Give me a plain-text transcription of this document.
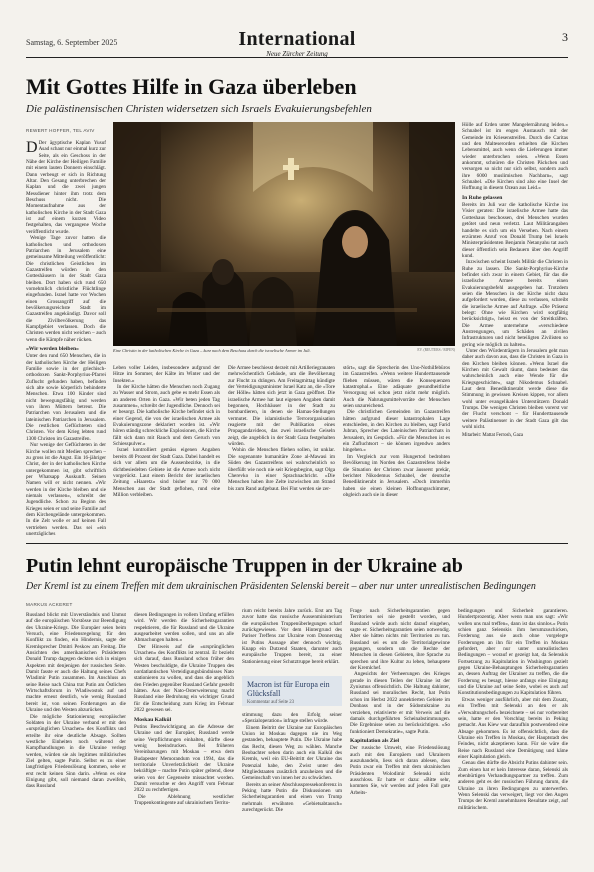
Samstag, 6. September 2025	International
Neue Zürcher Zeitung
3
Mit Gottes Hilfe in Gaza überleben
Die palästinensischen Christen widersetzen sich Israels Evakuierungsbefehlen
REWERT HOFFER, TEL AVIV

D Der ägyptische Kaplan Yusuf Asad schaut nur einmal kurz zur Seite, als ein Geschoss in der Nähe der Kirche der Heiligen Familie mit einem lauten Donnern einschlägt. Dann verbeugt er sich in Richtung Altar. Den Gesang unterbrechen der Kaplan und die zwei jungen Messdiener hinter ihm trotz dem Beschuss nicht. Die Momentaufnahme aus der katholischen Kirche in der Stadt Gaza ist auf einem kurzen Video festgehalten, das vergangene Woche veröffentlicht wurde.

Wenige Tage zuvor hatten die katholischen und orthodoxen Patriarchen in Jerusalem eine gemeinsame Mitteilung veröffentlicht: Die christlichen Geistlichen im Gazastreifen würden in den Gotteshäusern in der Stadt Gaza bleiben. Dort haben sich rund 650 vornehmlich christliche Flüchtlinge eingefunden. Israel hatte vor Wochen einen Grossangriff auf die bevölkerungsreichste Stadt im Gazastreifen angekündigt. Davor soll die Zivilbevölkerung das Kampfgebiet verlassen. Doch die Christen werden nicht weichen – auch wenn die Kämpfe näher rücken.

«Wir werden bleiben»

Unter den rund 650 Menschen, die in der katholischen Kirche der Heiligen Familie sowie in der griechisch-orthodoxen Sankt-Porphyrius-Pfarrei Zuflucht gefunden haben, befinden sich alte sowie körperlich behinderte Menschen. Etwa 100 Kinder sind nicht bewegungsfähig und werden von ihren Müttern betreut. Die Patriarchen von Jerusalem und die lateinischen Patriarchen in Jerusalem. Die restlichen Geflüchteten sind Christen. Vor dem Krieg lebten rund 1300 Christen im Gazastreifen.

Nur wenige der Geflüchteten in der Kirche wollen mit Medien sprechen – zu gross ist die Angst. Ein 16-jähriger Christ, der in der katholischen Kirche untergekommen ist, gibt schriftlich per Whatsapp Auskunft. Seinen Namen will er nicht nennen. «Wir werden in der Kirche bleiben und sie niemals verlassen», schreibt der Jugendliche. Schon zu Beginn des Krieges seien er und seine Familie auf dem Kirchengelände untergekommen. In die Zelt wolle er auf keinen Fall vertrieben werden. Das sei «ein unerträgliches

Eine Christin in der katholischen Kirche in Gaza – kurz nach dem Beschuss durch die israelische Armee im Juli.	EV. (REUTERS / RIPEN)

Leben voller Leiden, insbesondere aufgrund der Hitze im Sommer, der Kälte im Winter und der Insekten.»

In der Kirche hätten die Menschen noch Zugang zu Wasser und Strom, auch gebe es mehr Essen als an anderen Orten in Gaza. «Wir beten jeden Tag zusammen», schreibt der Jugendliche. Dennoch sei er besorgt. Die katholische Kirche befindet sich in einer Gegend, die von der israelischen Armee als Evakuierungszone deklariert worden ist. «Wir hören ständig schreckliche Explosionen, die Kirche fällt sich dann mit Rauch und dem Geruch von Schiesspulver.»

Israel kontrolliert gemäss eigenen Angaben bereits 40 Prozent der Stadt Gaza. Dabei handelt es sich vor allem um die Aussenbezirke, in die dichtbesiedelten Gebiete ist die Armee noch nicht vorgerückt. Laut einem Bericht der israelischen Zeitung «Haaretz» sind bisher nur 70 000 Menschen aus der Stadt geflohen, rund eine Million verbleiben.

Die Armee beschiesst derzeit mit Artilleriegranaten mehrwöchentlich Gebäude, um die Bevölkerung zur Flucht zu drängen. Am Freitagmittag kündigte der Verteidigungsminister Israel Katz an, die «Tore der Hölle» hätten sich jetzt in Gaza geöffnet. Die israelische Armee hat laut eigenen Angaben damit begonnen, Hochhäuser in der Stadt zu bombardieren, in denen sie Hamas-Stellungen vermutet. Die islamistische Terrororganisation reagierte mit der Publikation eines Propagandavideos, das zwei israelische Geiseln zeigt, die angeblich in der Stadt Gaza festgehalten würden.

Wohin die Menschen fliehen sollen, ist unklar. Die sogenannte humanitäre Zone al-Mawasi im Süden des Gazastreifens sei wahrscheinlich so überfüllt wie noch nie seit Kriegsbeginn, sagt Olga Cherevko in einer Sprachnachricht. «Die Menschen haben ihre Zelte inzwischen am Strand bis zum Rand aufgebaut. Bei Flut werden sie zer-

stört», sagt die Sprecherin des Uno-Nothilfebüros im Gazastreifen. «Wenn weitere Hunderttausende fliehen müssen, wären die Konsequenzen katastrophal.» Eine adäquate gesundheitliche Versorgung sei schon jetzt nicht mehr möglich. Auch die Nahrungsmittelvorräte der Menschen seien unzureichend.

Die christlichen Gemeinden im Gazastreifen hätten aufgrund dieser katastrophalen Lage entschieden, in den Kirchen zu bleiben, sagt Farid Jubran, Sprecher des Lateinischen Patriarchats in Jerusalem, im Gespräch. «Für die Menschen ist es ein Zufluchtsort – sie können irgendwo anders hingehen.»

Im Vergleich zur vom Hungertod bedrohten Bevölkerung im Norden des Gazastreifens bleibe die Situation der Christen zwar äusserst prekär, berichtet Nikodemus Schnabel, der deutsche Benediktinerabt in Jerusalem. «Doch immerhin haben sie einen kleinen Hoffnungsschimmer, obgleich auch sie in dieser

Hölle auf Erden unter Mangelernährung leiden.» Schnabel ist im engen Austausch mit der Gemeinde im Kriesenstreifen. Durch die Caritas und den Malteserorden erhielten die Kirchen Lebensmittel, auch wenn die Lieferungen immer wieder unterbrochen seien. «Wenn Essen ankommt, schnüren die Christen Päckchen und versorgen so nicht nur sich selbst, sondern auch ihre 6000 muslimischen Nachbarn», sagt Schnabel. «Die Kirchen sind also eine Insel der Hoffnung in diesem Ozean aus Leid.»

In Ruhe gelassen

Bereits im Juli war die katholische Kirche ins Visier geraten: Die israelische Armee hatte das Gotteshaus beschossen, drei Menschen wurden getötet und neun verletzt. Laut Militärangaben handelte es sich um ein Versehen. Nach einem erzürnten Anruf von Donald Trump bei Israels Ministerpräsidenten Benjamin Netanyahu tat auch dieser öffentlich sein Bedauern über den Angriff kund.

Inzwischen scheint Israels Militär die Christen in Ruhe zu lassen. Die Sankt-Porphyrius-Kirche befindet sich zwar in einem Gebiet, für das die israelische Armee bereits einen Evakuierungsbefehl ausgegeben hat. Trotzdem seien die Menschen in der Kirche nicht dazu aufgefordert worden, diese zu verlassen, schreibt die israelische Armee auf Anfrage. «Die Präsenz belegt: Ohne wie Kirchen wird sorgfältig berücksichtigt», heisst es von der Streitkräften. Die Armee unternehme «verschiedene Anstrengungen, um Schäden an zivilen Infrastrukturen und nicht beteiligten Zivilisten so gering wie möglich zu halten».

Unter den Würdenträgern in Jerusalem geht man daher auch davon aus, dass die Christen in Gaza in den Kirchen bleiben können. «Wenn Israel die Kirchen mit Gewalt räumt, dann bedeutet das wahrscheinlich auch eine Wende für die Kriegsgeschichte», sagt Nikodemus Schnabel. Laut dem Benediktinerabt werde diese die Stimmung in gewissen Kreisen kippen, vor allem wohl unter evangelikalen Unterstützern Donald Trumps. Die wenigen Christen bleiben vorerst vor der Flucht verschont – für Hunderttausende weitere Palästinenser in der Stadt Gaza gilt das wohl nicht.

Mitarbeit: Mattat Ferrosh, Gaza
Putin lehnt europäische Truppen in der Ukraine ab
Der Kreml ist zu einem Treffen mit dem ukrainischen Präsidenten Selenski bereit – aber nur unter unrealistischen Bedingungen
MARKUS ACKERET

Russland blickt mit Unverständnis und Unmut auf die europäischen Vorstösse zur Beendigung des Ukraine-Kriegs. Die Europäer seien beim Versuch, eine Friedensregelung für den Konflikt zu finden, ein Hindernis, sagte der Kremlsprecher Dmitri Peskow am Freitag. Die Ansichten des amerikanischen Präsidenten Donald Trump dagegen deckten sich in einigen Aspekten mit denjenigen der russischen Seite. Damit fasste er auch die Haltung seines Chefs Wladimir Putin zusammen. Im Anschluss an seine Reise nach China trat Putin am Östlichen Wirtschaftsforum in Wladiwostok auf und machte erneut deutlich, wie wenig Russland bereit ist, von seinen Forderungen an die Ukraine und den Westen abzurücken.

Die mögliche Stationierung europäischer Soldaten in der Ukraine verband er mit den «ursprünglichen Ursachen» des Konflikts und erteilte ihr eine deutliche Absage. Sollten westliche Einheiten noch während der Kampfhandlungen in die Ukraine verlegt werden, würden sie als legitimes militärisches Ziel gelten, sagte Putin. Selbst es zu einer langfristigen Friedenslösung kommen, sehe er erst recht keinen Sinn darin. «Wenn es eine Einigung gibt, soll niemand daran zweifeln, dass Russland

diesen Bedingungen in vollem Umfang erfüllen wird. Wir werden die Sicherheitsgarantien respektieren, die für Russland und die Ukraine ausgearbeitet werden sollen, und uns an alle Abmachungen halten.»

Der Hinweis auf die «ursprünglichen Ursachen» des Konflikts ist zentral. Er bezieht sich darauf, dass Russland schon früher den Westen beschuldigte, die Ukraine Truppen des nordatlantischen Verteidigungsbündnisses Nato stationieren zu wollen, und dass die angeblich den Frieden gegenüber Russland Gefahr gestellt hätten. Aus der Nato-Osterweiterung macht Russland eine Bedrohung ein wichtiger Grund für die Entscheidung zum Krieg im Februar 2022 gewesen sei.

Moskau Kalkül

Putins Beschwichtigung an die Adresse der Ukraine und der Europäer, Russland werde seine Verpflichtungen einhalten, dürfte diese wenig beeindrucken. Bei früheren Vereinbarungen mit Moskau – etwa dem Budapester Memorandum von 1994, das die territoriale Unverletzlichkeit der Ukraine bekräftigte – machte Putin später geltend, diese seien von der Gegenseite missachtet worden. Damit versuchte er den Angriff vom Februar 2022 zu rechtfertigen.

Die Ablehnung westlicher Truppenkontingente auf ukrainischem Territo-

rium reicht bereits Jahre zurück. Erst am Tag zuvor hatte das russische Aussenministerium die europäischen Truppenüberlegungen scharf zurückgewiesen. Vor dem Hintergrund des Pariser Treffens zur Ukraine vom Donnerstag ist Putins Aussage aber dennoch wichtig. Knapp ein Dutzend Staaten, darunter auch europäische Truppen bereit, zu einer Stationierung einer Schutztruppe bereit erklärt.

Macron ist für Europa ein Glücksfall
Kommentar auf Seite 23

stimmung dazu den Erfolg seiner «Spezialoperation» infrage stellen würde.

Einem Beitritt der Ukraine zur Europäischen Union ist Moskau dagegen nie im Weg gestanden, behauptete Putin. Die Ukraine habe das Recht, diesen Weg zu wählen. Manche Beobachter sehen darin auch ein Kalkül des Kremls, weil ein EU-Beitritt der Ukraine das Potenzial habe, den Zwist unter den Mitgliedstaaten zusätzlich anzuheizen und die Gemeinschaft von innen her zu schwächen.

Bereits an seiner Abschlusspressekonferenz in Peking hatte Putin die Diskussionen um Sicherheitsgarantien und einen von Trump mehrmals erwähnten «Gebietsabtausch» zurechtgerückt. Die

Frage nach Sicherheitsgarantien gegen Territorien sei nie gestellt worden, und Russland würde auch nicht darauf eingehen, sagte er. Sicherheitsgarantien seien notwendig. Aber sie hätten nichts mit Territorien zu tun. Russland sei es um die Territorialgewinne gegangen, sondern um die Rechte der Menschen in diesen Gebieten, ihre Sprache zu sprechen und ihre Kultur zu leben, behauptete der Kremlchef.

Angesichts der Verheerungen des Krieges gerade in diesen Teilen der Ukraine ist der Zynismus offensichtlich. Die Haltung dahinter, Russland sei moralisches Recht, hat Putin schon im Herbst 2022 annektierten Gebiete im Donbass und in der Südostukraine zu verziehen, relativierte er mit Verweis auf die damals durchgeführten Scheinabstimmungen. Die Ergebnisse seien zu berücksichtigen. «So funktioniert Demokratie», sagte Putin.

Kapitulation als Ziel

Der russische Umwelt, eine Friedenslösung auch mit den Europäern und Ukrainern auszuhandeln, liess sich daran ablesen, dass Putin zwar ein Treffen mit dem ukrainischen Präsidenten Wolodimir Selenski nicht ausschloss. Er hatte er dazu: «Bitte sehr, kommen Sie, wir werden auf jeden Fall gute Arbeits-

bedingungen und Sicherheit garantieren. Hundertprozentig. Aber wenn man uns sagt: «Wir wollen uns mal treffen», dann ist das sinnlos.» Putin schien ganz Selenskis ihm herumzuschicken, Forderung aus sie auch ohne vorgelegte Forderungen an ihn für ein Treffen in Moskau gefordert, aber nur unter unrealistischen Bedingungen – worauf er gezeigt hat, da Selenskis Fortsetzung zu Kapitulation in Washington gezielt gegen Ukraine-Behauptungen Sicherheitsgarantien an, dessen Auftrag der Ukrainer zu treffen, die die Forderung es besagt, hiesse anfangs eine Einigung und die Ukraine auf seine Seite, wobei es auch auf Konstitutionsbedingungen zu Kapitulation führen.

Etwas weniger ausführlich, aber mit dem Zusatz, ein Treffen mit Selenski an den er als «Verwaltungschef» bezeichnete – sei nur vorbereitet sein, hatte er den Vorschlag bereits in Peking gemacht. Aus Kiew war daraufhin postwendend eine Absage gekommen. Es ist offensichtlich, dass die Ukraine ein Treffen in Moskau, der Hauptstadt des Feindes, nicht akzeptieren kann. Für sie wäre die Reise nach Russland eine Demütigung und käme einer Kapitulation gleich.

Genau dies dürfte die Absicht Putins dahinter sein. Zum einen hat er kein Interesse daran, Selenski als ebenbürtigen Verhandlungspartner zu treffen. Zum anderen geht es der russischen Führung darum, die Ukraine zu ihren Bedingungen zu unterwerfen. Wenn Selenski das verweigert, liegt vor den Augen Trumps der Kreml annehmbaren Resultate zeigt, auf militärischem.
